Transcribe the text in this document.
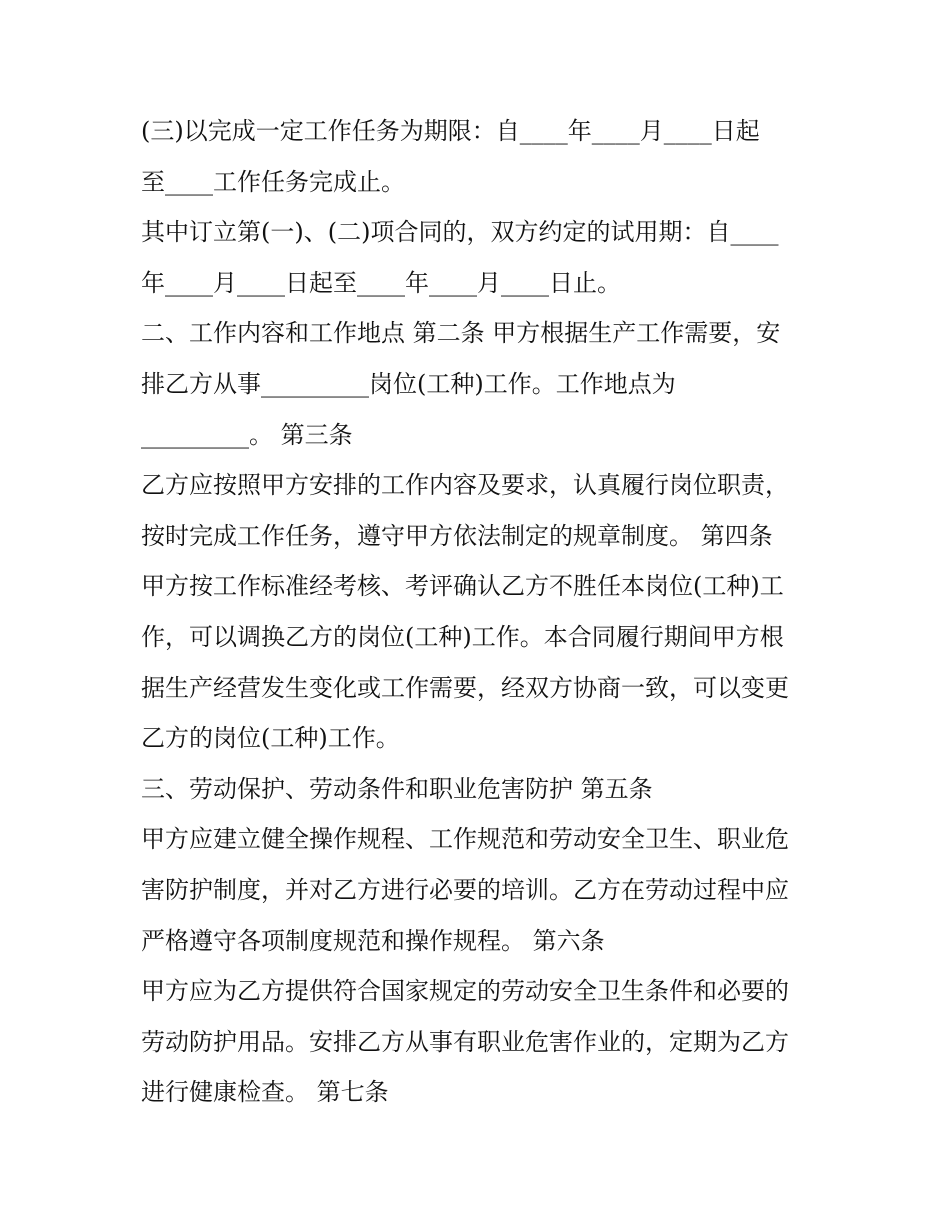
(三)以完成一定工作任务为期限：自____年____月____日起
至____工作任务完成止。
其中订立第(一)、(二)项合同的，双方约定的试用期：自____
年____月____日起至____年____月____日止。
二、工作内容和工作地点 第二条 甲方根据生产工作需要，安
排乙方从事_________岗位(工种)工作。工作地点为
_________。 第三条
乙方应按照甲方安排的工作内容及要求，认真履行岗位职责，
按时完成工作任务，遵守甲方依法制定的规章制度。 第四条
甲方按工作标准经考核、考评确认乙方不胜任本岗位(工种)工
作，可以调换乙方的岗位(工种)工作。本合同履行期间甲方根
据生产经营发生变化或工作需要，经双方协商一致，可以变更
乙方的岗位(工种)工作。
三、劳动保护、劳动条件和职业危害防护 第五条
甲方应建立健全操作规程、工作规范和劳动安全卫生、职业危
害防护制度，并对乙方进行必要的培训。乙方在劳动过程中应
严格遵守各项制度规范和操作规程。 第六条
甲方应为乙方提供符合国家规定的劳动安全卫生条件和必要的
劳动防护用品。安排乙方从事有职业危害作业的，定期为乙方
进行健康检查。 第七条
